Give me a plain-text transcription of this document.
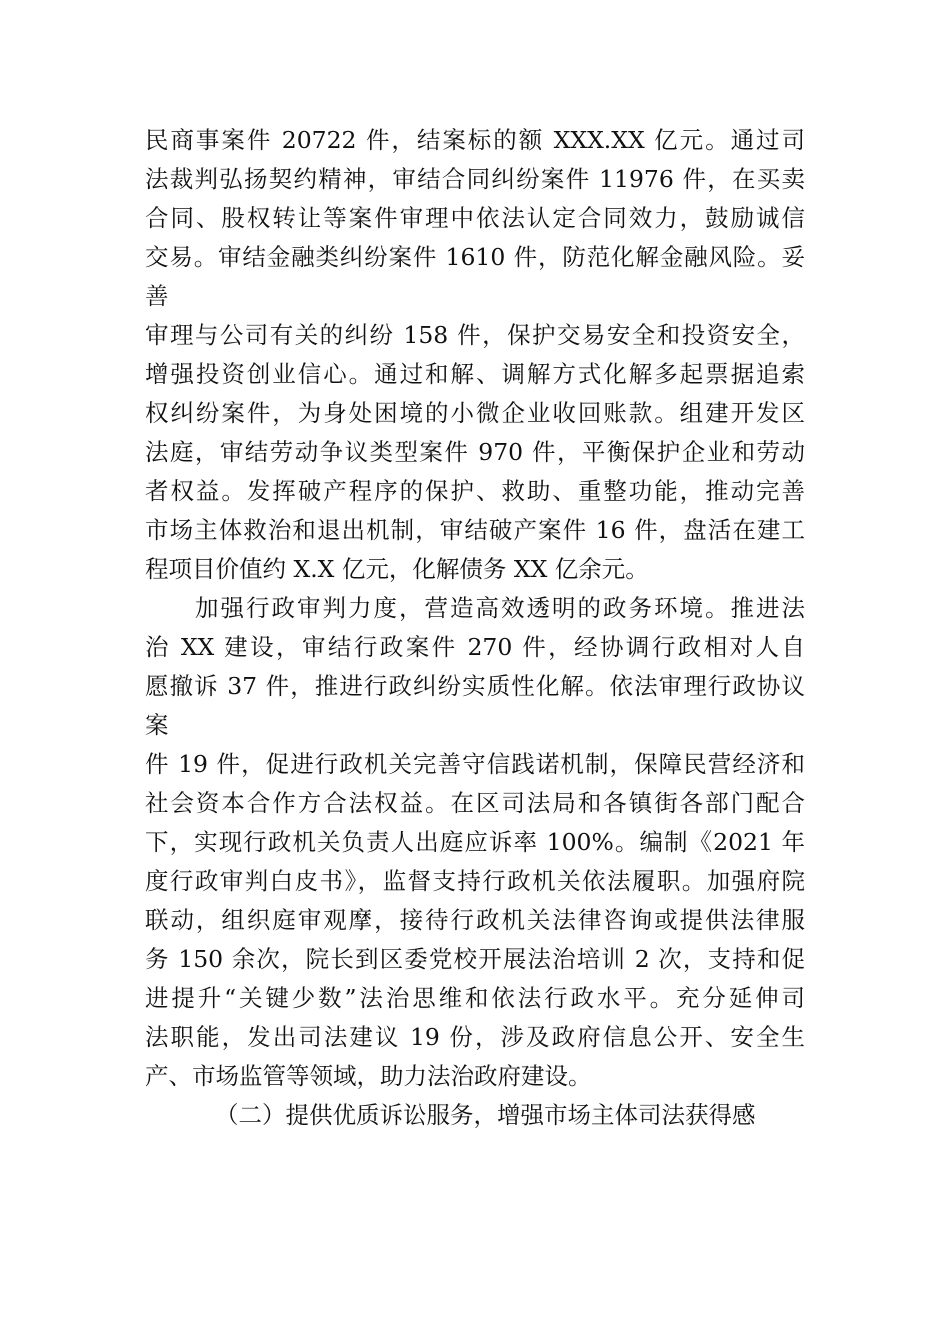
民商事案件 20722 件，结案标的额 XXX.XX 亿元。通过司
法裁判弘扬契约精神，审结合同纠纷案件 11976 件，在买卖
合同、股权转让等案件审理中依法认定合同效力，鼓励诚信
交易。审结金融类纠纷案件 1610 件，防范化解金融风险。妥
善
审理与公司有关的纠纷 158 件，保护交易安全和投资安全，
增强投资创业信心。通过和解、调解方式化解多起票据追索
权纠纷案件，为身处困境的小微企业收回账款。组建开发区
法庭，审结劳动争议类型案件 970 件，平衡保护企业和劳动
者权益。发挥破产程序的保护、救助、重整功能，推动完善
市场主体救治和退出机制，审结破产案件 16 件，盘活在建工
程项目价值约 X.X 亿元，化解债务 XX 亿余元。
加强行政审判力度，营造高效透明的政务环境。推进法
治 XX 建设，审结行政案件 270 件，经协调行政相对人自
愿撤诉 37 件，推进行政纠纷实质性化解。依法审理行政协议
案
件 19 件，促进行政机关完善守信践诺机制，保障民营经济和
社会资本合作方合法权益。在区司法局和各镇街各部门配合
下，实现行政机关负责人出庭应诉率 100%。编制《2021 年
度行政审判白皮书》，监督支持行政机关依法履职。加强府院
联动，组织庭审观摩，接待行政机关法律咨询或提供法律服
务 150 余次，院长到区委党校开展法治培训 2 次，支持和促
进提升“关键少数”法治思维和依法行政水平。充分延伸司
法职能，发出司法建议 19 份，涉及政府信息公开、安全生
产、市场监管等领域，助力法治政府建设。
（二）提供优质诉讼服务，增强市场主体司法获得感
